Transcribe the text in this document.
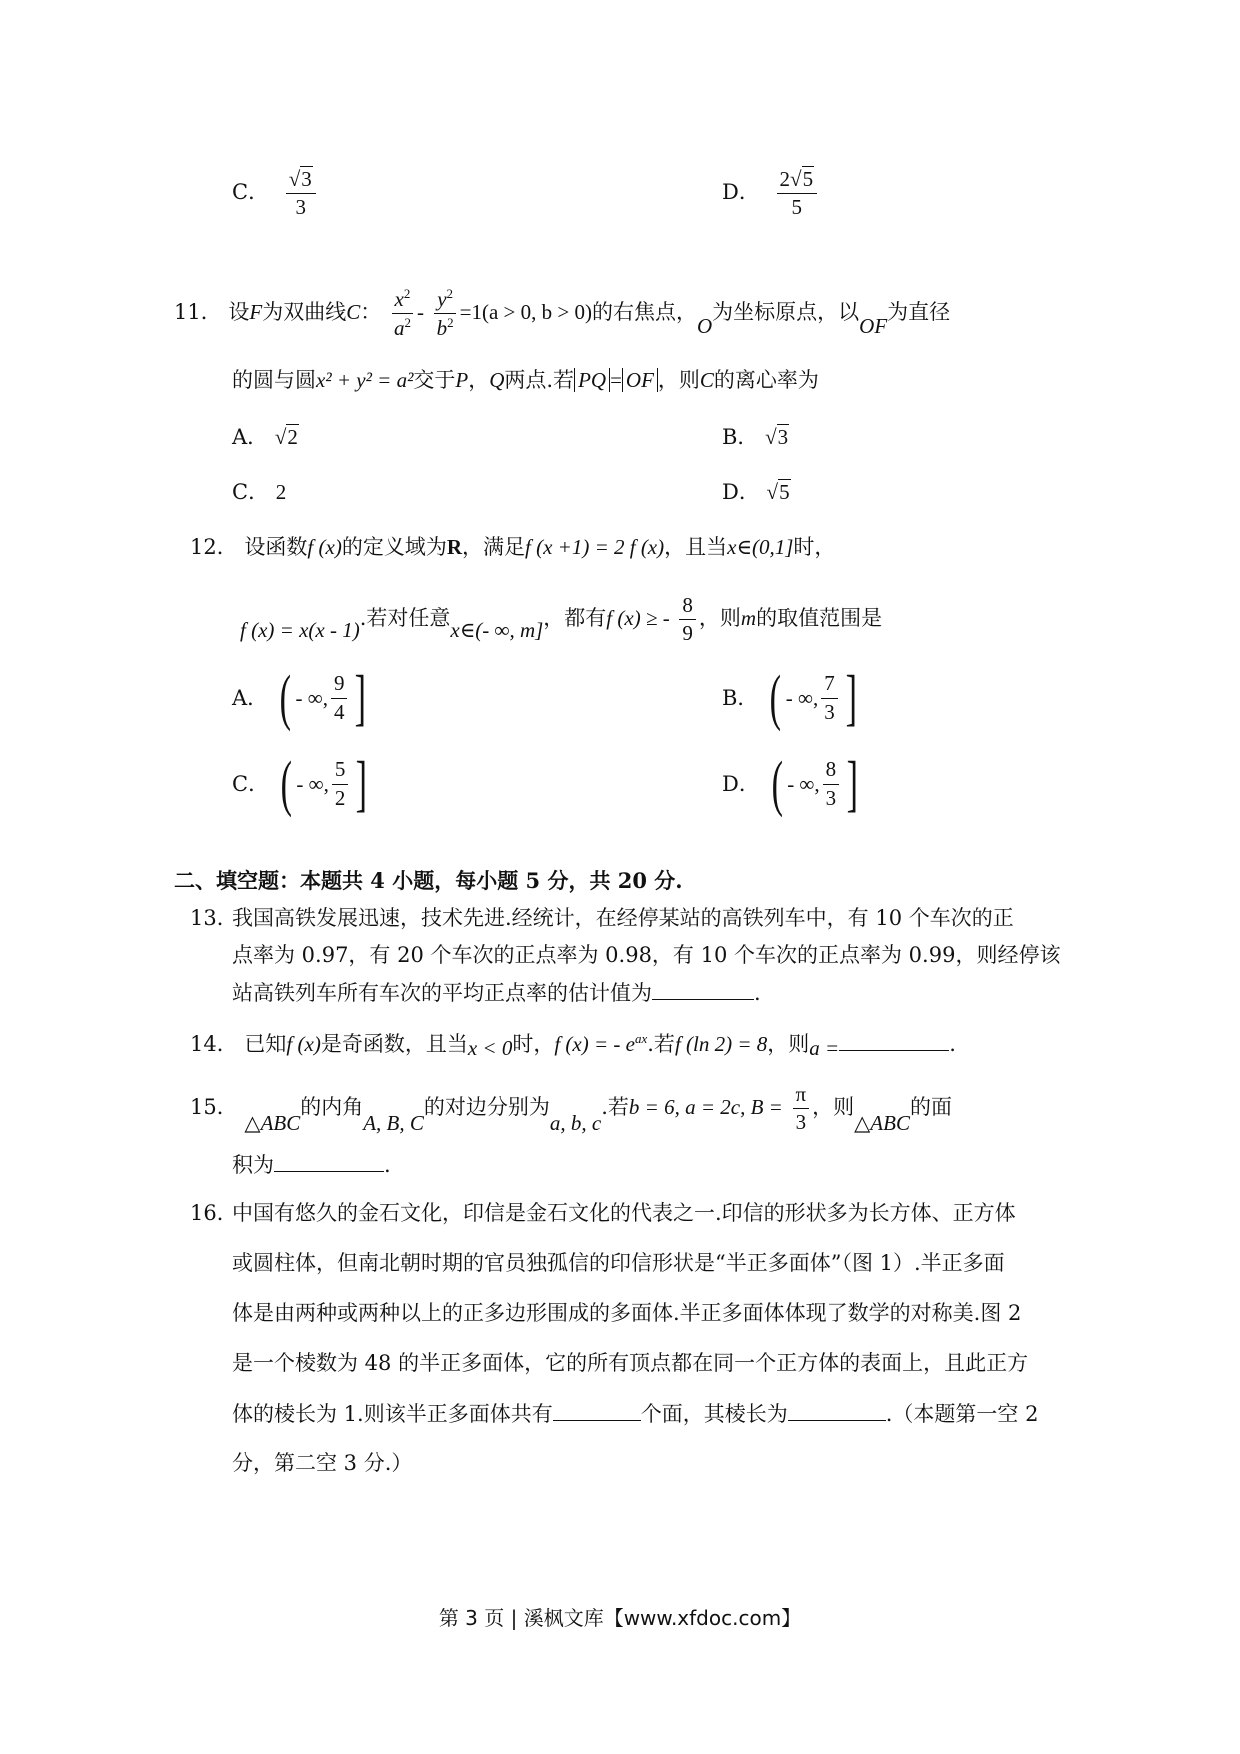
C． $\frac{√3}{3}$	D． $\frac{2√5}{5}$
11． 设F为双曲线C： $\frac{x^2}{a^2} - \frac{y^2}{b^2} =1(a > 0$, b > 0)的右焦点，O为坐标原点，以OF为直径
的圆与圆x² + y² = a²交于P，Q两点.若 PQ = OF ，则C的离心率为
A． √2	B． √3
C． 2	D． √5
12． 设函数f (x)的定义域为R，满足f (x +1) = 2 f (x)，且当x∈(0,1]时，
f (x) = x(x - 1).若对任意x∈(- ∞, m]，都有f (x) ≥ - $\frac{8}{9}$ ，则m的取值范围是
A． ( - ∞, $\frac{9}{4}$ ]	B． ( - ∞, $\frac{7}{3}$ ]
C． ( - ∞, $\frac{5}{2}$ ]	D． ( - ∞, $\frac{8}{3}$ ]
二、填空题：本题共 4 小题，每小题 5 分，共 20 分.
13．
我国高铁发展迅速，技术先进.经统计，在经停某站的高铁列车中，有 10 个车次的正
点率为 0.97，有 20 个车次的正点率为 0.98，有 10 个车次的正点率为 0.99，则经停该
站高铁列车所有车次的平均正点率的估计值为	.
14． 已知f (x)是奇函数，且当x < 0时，f (x) = - $e^{ax}$.若f (ln 2) = 8，则a =	.
15． △ABC的内角A, B, C的对边分别为a, b, c.若b = 6, a = 2c, $B = \frac{\pi}{3}$ ，则△ABC的面
积为	.
16．
中国有悠久的金石文化，印信是金石文化的代表之一.印信的形状多为长方体、正方体
或圆柱体，但南北朝时期的官员独孤信的印信形状是“半正多面体”（图 1）.半正多面
体是由两种或两种以上的正多边形围成的多面体.半正多面体体现了数学的对称美.图 2
是一个棱数为 48 的半正多面体，它的所有顶点都在同一个正方体的表面上，且此正方
体的棱长为 1.则该半正多面体共有	个面，其棱长为	.（本题第一空 2
分，第二空 3 分.）
第 3 页 | 溪枫文库【www.xfdoc.com】
